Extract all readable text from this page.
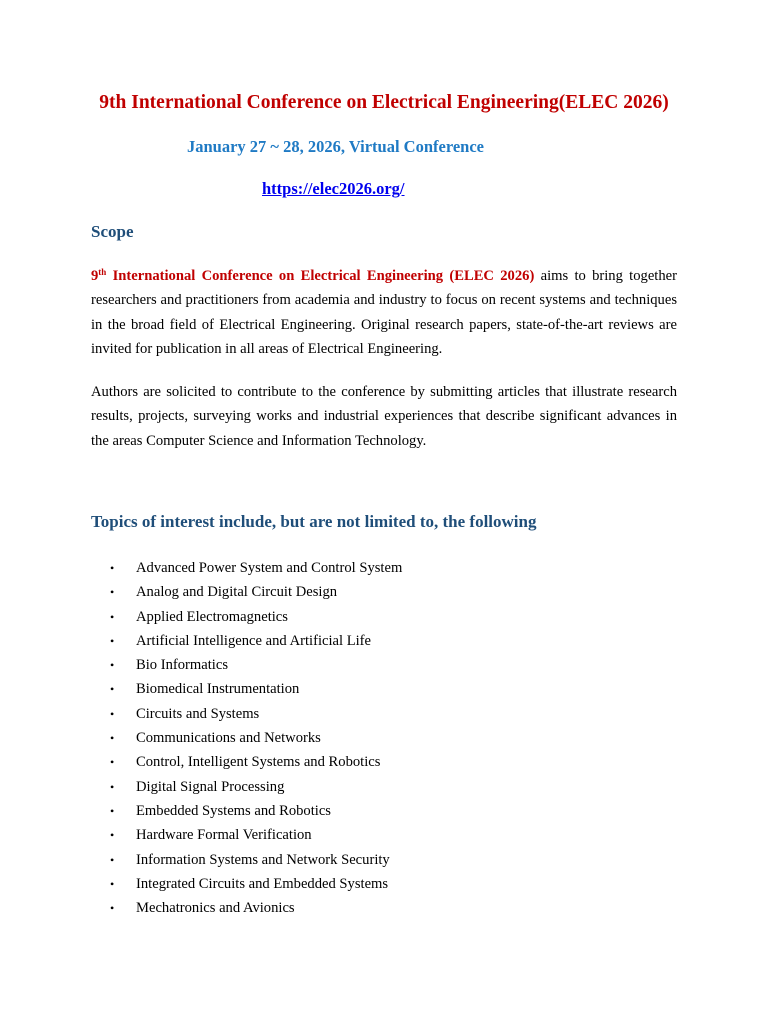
9th International Conference on Electrical Engineering(ELEC 2026)

January 27 ~ 28, 2026, Virtual Conference

https://elec2026.org/
Scope

9th International Conference on Electrical Engineering (ELEC 2026) aims to bring together researchers and practitioners from academia and industry to focus on recent systems and techniques in the broad field of Electrical Engineering. Original research papers, state-of-the-art reviews are invited for publication in all areas of Electrical Engineering.

Authors are solicited to contribute to the conference by submitting articles that illustrate research results, projects, surveying works and industrial experiences that describe significant advances in the areas Computer Science and Information Technology.

Topics of interest include, but are not limited to, the following
• Advanced Power System and Control System
• Analog and Digital Circuit Design
• Applied Electromagnetics
• Artificial Intelligence and Artificial Life
• Bio Informatics
• Biomedical Instrumentation
• Circuits and Systems
• Communications and Networks
• Control, Intelligent Systems and Robotics
• Digital Signal Processing
• Embedded Systems and Robotics
• Hardware Formal Verification
• Information Systems and Network Security
• Integrated Circuits and Embedded Systems
• Mechatronics and Avionics
